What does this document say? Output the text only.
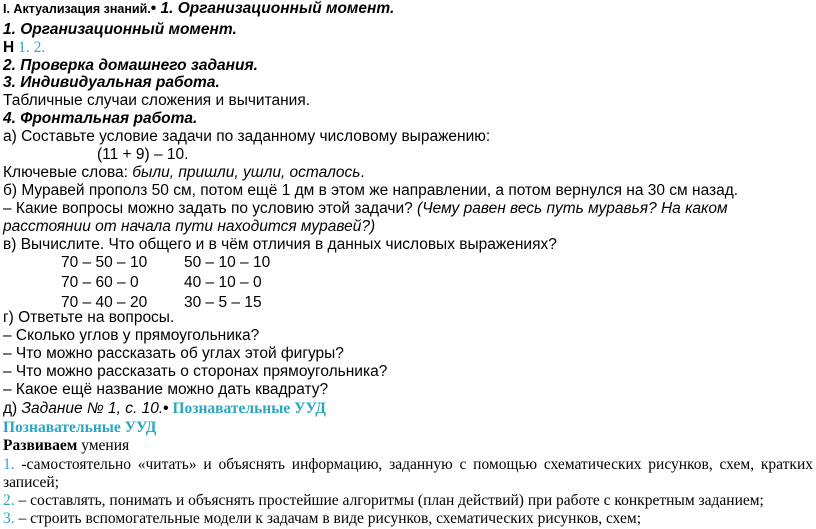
I. Актуализация знаний.• 1. Организационный момент.
1. Организационный момент.
Н 1. 2.
2. Проверка домашнего задания.
3. Индивидуальная работа.
Табличные случаи сложения и вычитания.
4. Фронтальная работа.
а) Составьте условие задачи по заданному числовому выражению:
(11 + 9) – 10.
Ключевые слова: были, пришли, ушли, осталось.
б) Муравей прополз 50 см, потом ещё 1 дм в этом же направлении, а потом вернулся на 30 см назад.
– Какие вопросы можно задать по условию этой задачи? (Чему равен весь путь муравья? На каком
расстоянии от начала пути находится муравей?)
в) Вычислите. Что общего и в чём отличия в данных числовых выражениях?
70 – 50 – 10
70 – 60 – 0
70 – 40 – 20
50 – 10 – 10
40 – 10 – 0
30 – 5 – 15
г) Ответьте на вопросы.
– Сколько углов у прямоугольника?
– Что можно рассказать об углах этой фигуры?
– Что можно рассказать о сторонах прямоугольника?
– Какое ещё название можно дать квадрату?
д) Задание № 1, с. 10.• Познавательные УУД
Познавательные УУД
Развиваем умения
1. -самостоятельно «читать» и объяснять информацию, заданную с помощью схематических рисунков, схем, кратких
записей;
2. – составлять, понимать и объяснять простейшие алгоритмы (план действий) при работе с конкретным заданием;
3. – строить вспомогательные модели к задачам в виде рисунков, схематических рисунков, схем;
